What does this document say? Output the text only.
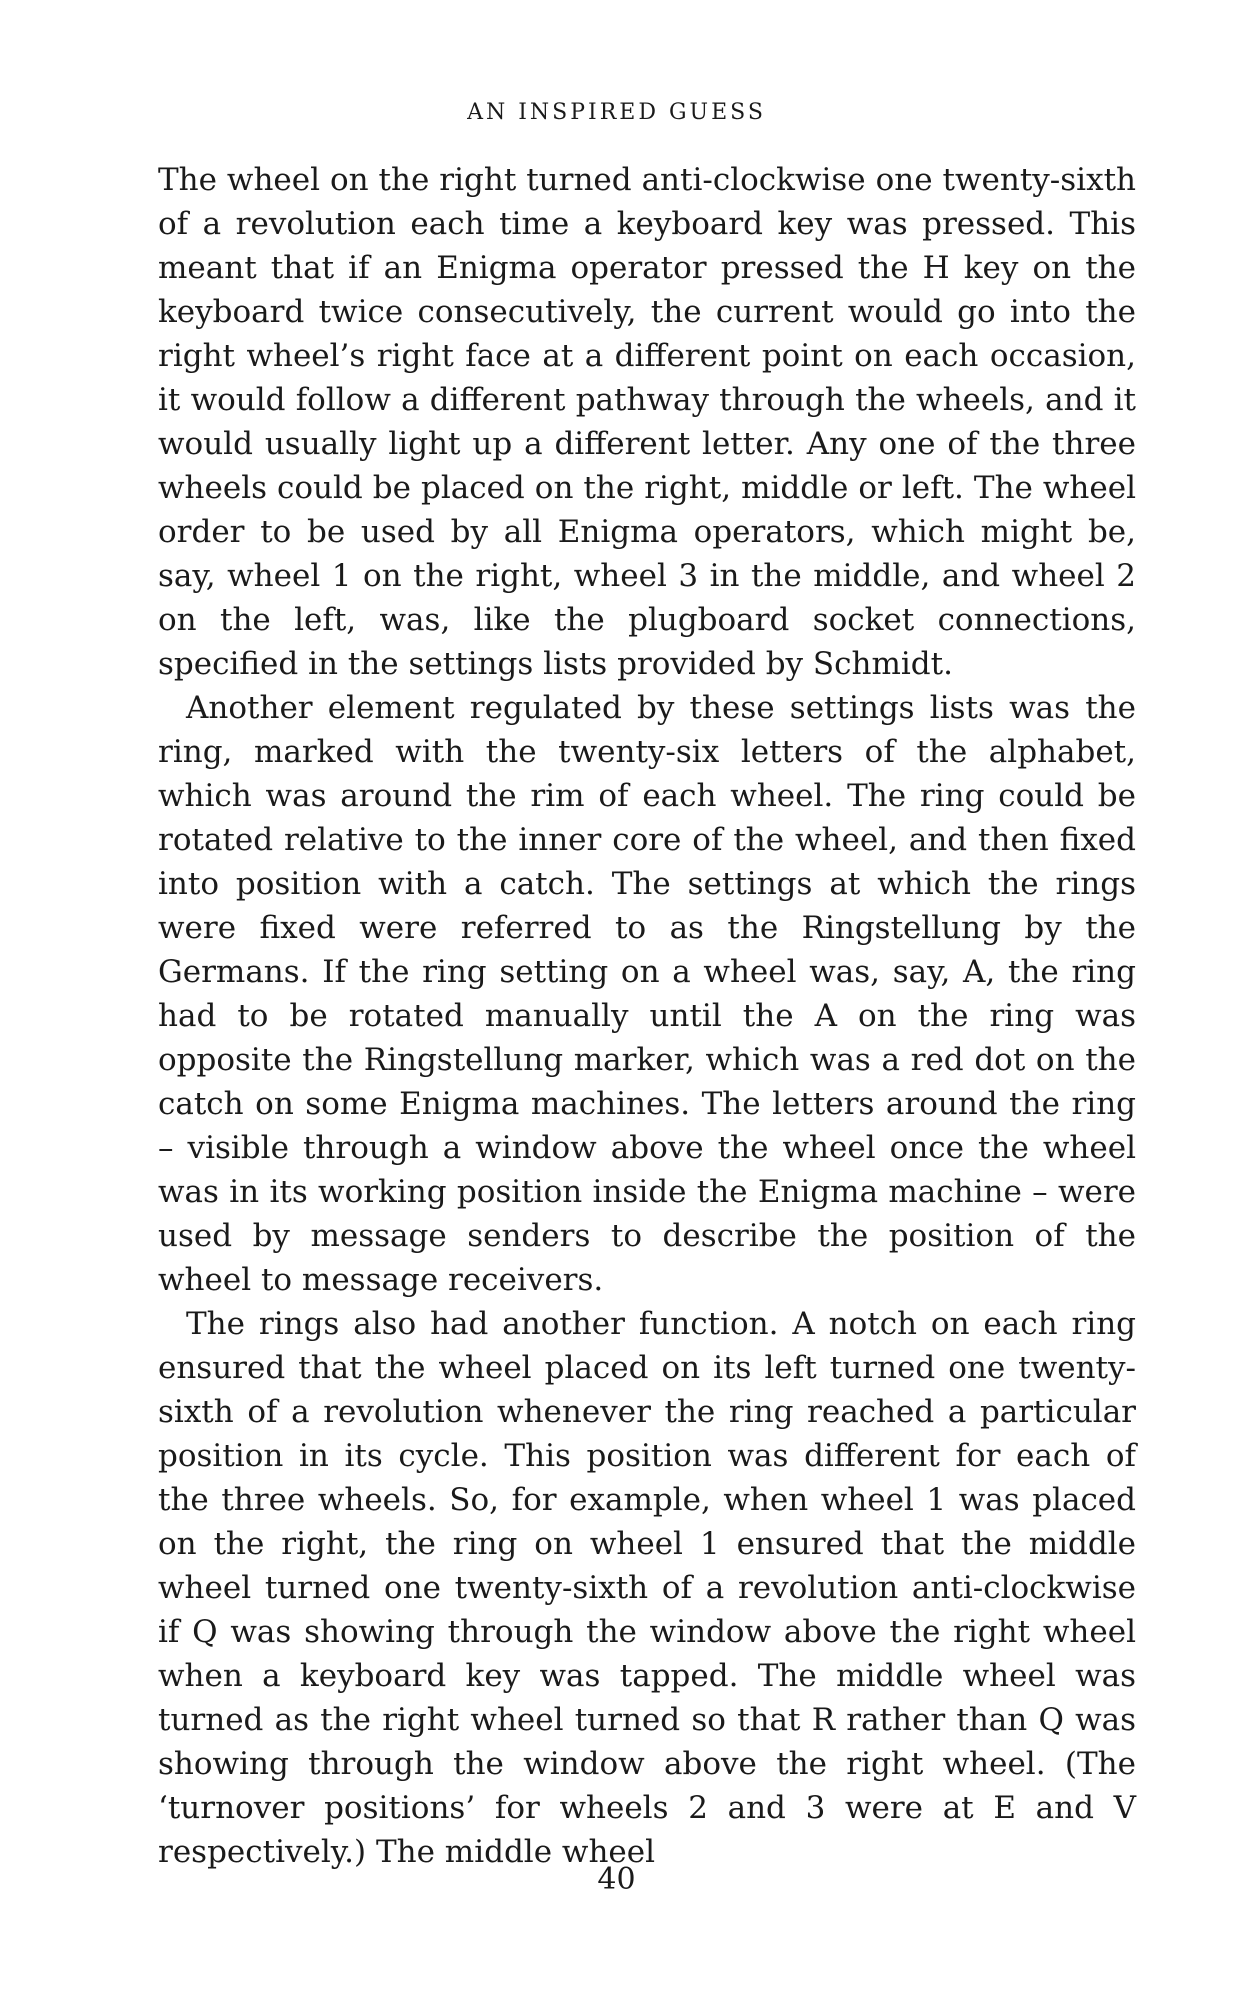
AN INSPIRED GUESS

The wheel on the right turned anti-clockwise one twenty-sixth of a revolution each time a keyboard key was pressed. This meant that if an Enigma operator pressed the H key on the keyboard twice consecutively, the current would go into the right wheel’s right face at a different point on each occasion, it would follow a different pathway through the wheels, and it would usually light up a different letter. Any one of the three wheels could be placed on the right, middle or left. The wheel order to be used by all Enigma operators, which might be, say, wheel 1 on the right, wheel 3 in the middle, and wheel 2 on the left, was, like the plugboard socket connections, specified in the settings lists provided by Schmidt.

Another element regulated by these settings lists was the ring, marked with the twenty-six letters of the alphabet, which was around the rim of each wheel. The ring could be rotated relative to the inner core of the wheel, and then fixed into position with a catch. The settings at which the rings were fixed were referred to as the Ringstellung by the Germans. If the ring setting on a wheel was, say, A, the ring had to be rotated manually until the A on the ring was opposite the Ringstellung marker, which was a red dot on the catch on some Enigma machines. The letters around the ring – visible through a window above the wheel once the wheel was in its working position inside the Enigma machine – were used by message senders to describe the position of the wheel to message receivers.

The rings also had another function. A notch on each ring ensured that the wheel placed on its left turned one twenty-sixth of a revolution whenever the ring reached a particular position in its cycle. This position was different for each of the three wheels. So, for example, when wheel 1 was placed on the right, the ring on wheel 1 ensured that the middle wheel turned one twenty-sixth of a revolution anti-clockwise if Q was showing through the window above the right wheel when a keyboard key was tapped. The middle wheel was turned as the right wheel turned so that R rather than Q was showing through the window above the right wheel. (The ‘turnover positions’ for wheels 2 and 3 were at E and V respectively.) The middle wheel

40
